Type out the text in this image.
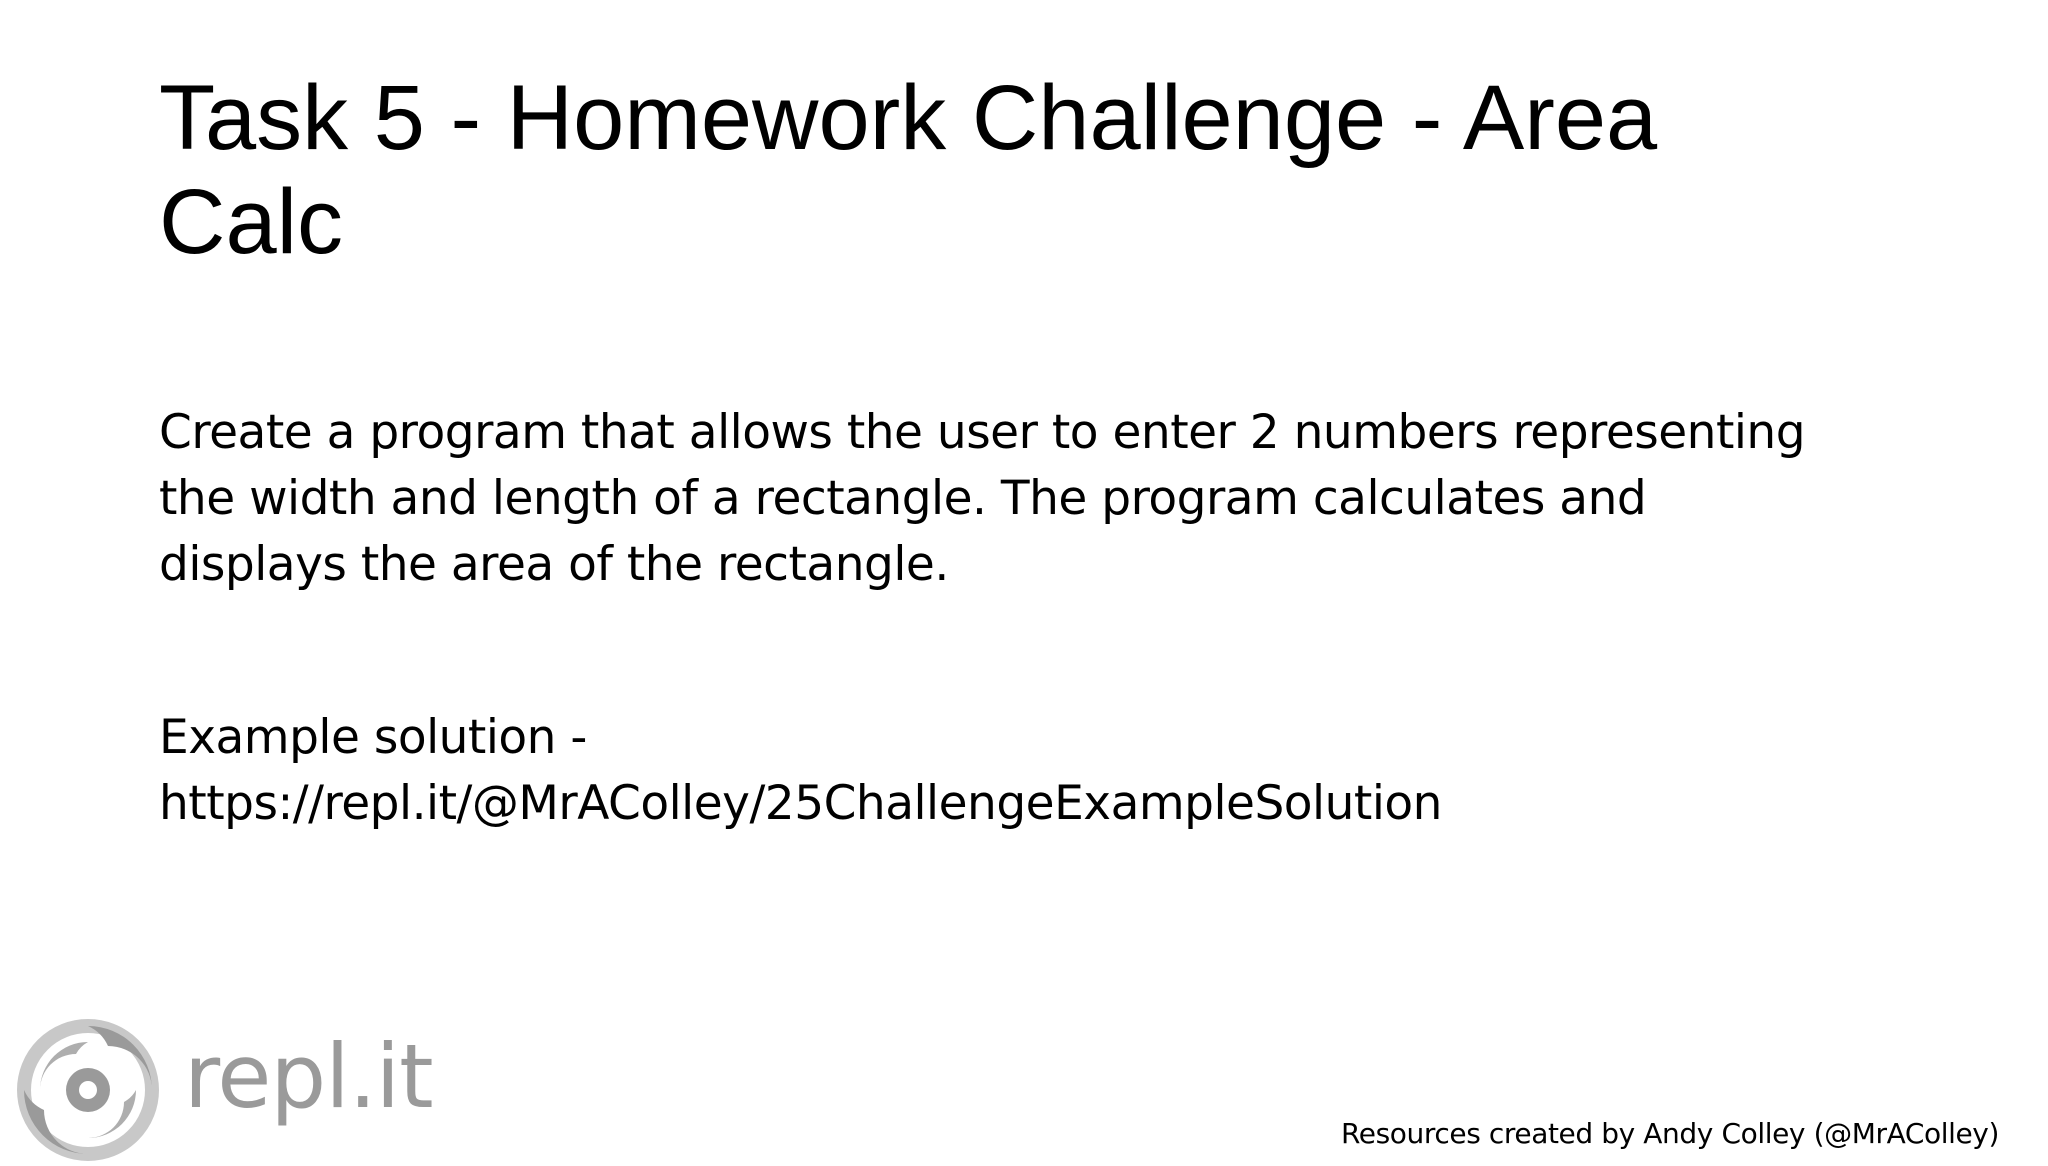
Task 5 - Homework Challenge - Area
Calc

Create a program that allows the user to enter 2 numbers representing
the width and length of a rectangle. The program calculates and
displays the area of the rectangle.

Example solution -
https://repl.it/@MrAColley/25ChallengeExampleSolution

repl.it

Resources created by Andy Colley (@MrAColley)
